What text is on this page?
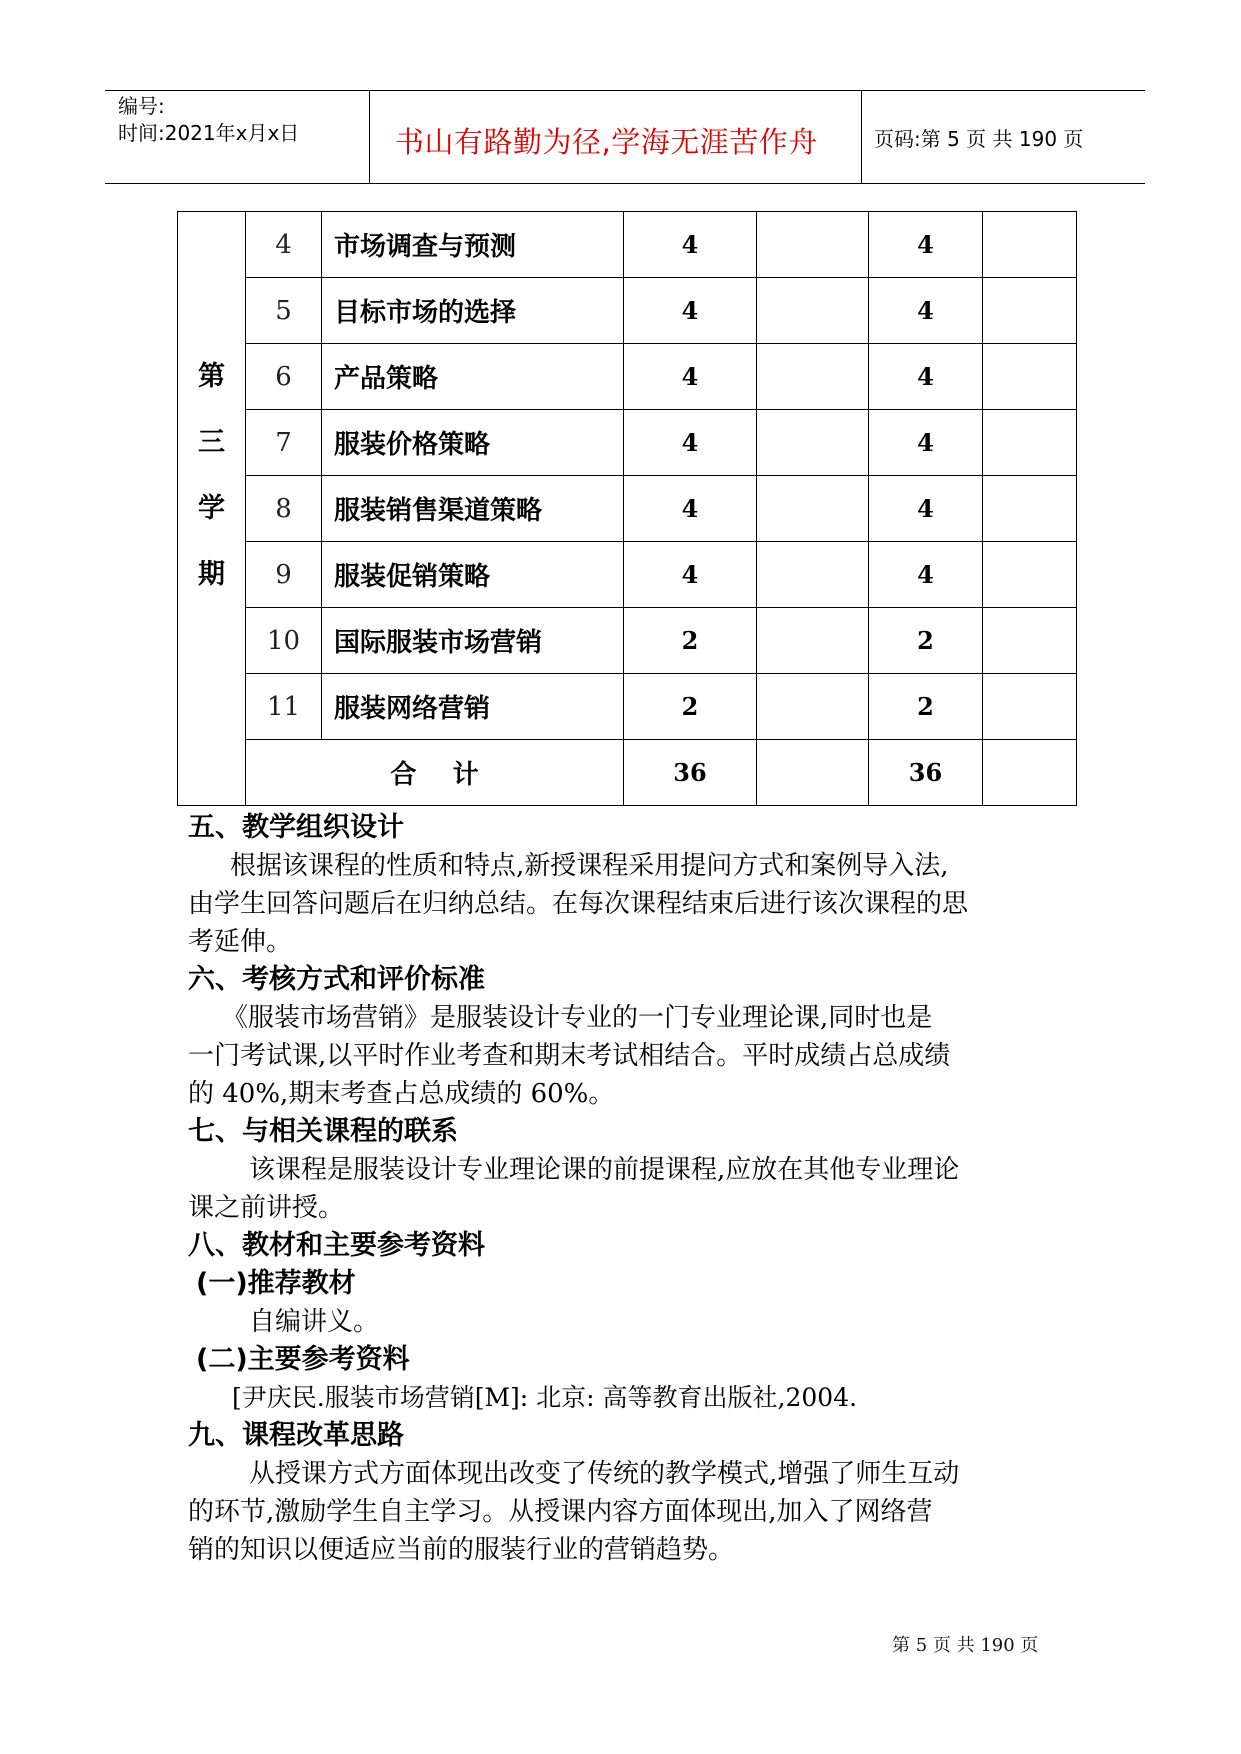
编号:
时间:2021年x月x日	书山有路勤为径,学海无涯苦作舟	页码:第 5 页 共 190 页
第
三
学
期	4	市场调查与预测	4		4	
	5	目标市场的选择	4		4	
	6	产品策略	4		4	
	7	服装价格策略	4		4	
	8	服装销售渠道策略	4		4	
	9	服装促销策略	4		4	
	10	国际服装市场营销	2		2	
	11	服装网络营销	2		2	
	合    计		36		36	
五、教学组织设计
根据该课程的性质和特点,新授课程采用提问方式和案例导入法,
由学生回答问题后在归纳总结。在每次课程结束后进行该次课程的思
考延伸。
六、考核方式和评价标准
《服装市场营销》是服装设计专业的一门专业理论课,同时也是
一门考试课,以平时作业考查和期末考试相结合。平时成绩占总成绩
的 40%,期末考查占总成绩的 60%。
七、与相关课程的联系
该课程是服装设计专业理论课的前提课程,应放在其他专业理论
课之前讲授。
八、教材和主要参考资料
(一)推荐教材
自编讲义。
(二)主要参考资料
[尹庆民.服装市场营销[M]: 北京: 高等教育出版社,2004.
九、课程改革思路
从授课方式方面体现出改变了传统的教学模式,增强了师生互动
的环节,激励学生自主学习。从授课内容方面体现出,加入了网络营
销的知识以便适应当前的服装行业的营销趋势。
第 5 页 共 190 页
